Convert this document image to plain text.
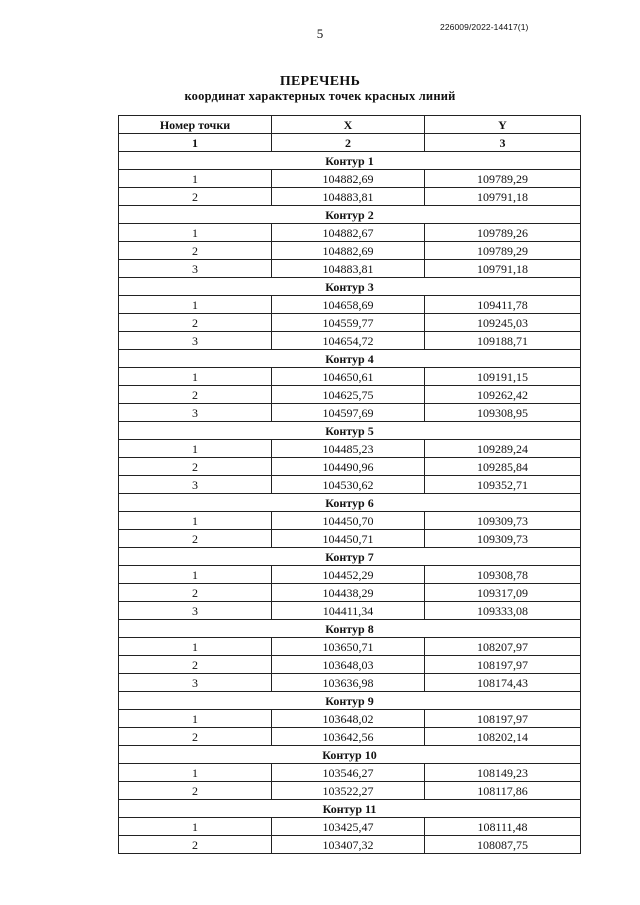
5	226009/2022-14417(1)
ПЕРЕЧЕНЬ
координат характерных точек красных линий
Номер точки	X	Y
1	2	3
Контур 1		
1	104882,69	109789,29
2	104883,81	109791,18
Контур 2		
1	104882,67	109789,26
2	104882,69	109789,29
3	104883,81	109791,18
Контур 3		
1	104658,69	109411,78
2	104559,77	109245,03
3	104654,72	109188,71
Контур 4		
1	104650,61	109191,15
2	104625,75	109262,42
3	104597,69	109308,95
Контур 5		
1	104485,23	109289,24
2	104490,96	109285,84
3	104530,62	109352,71
Контур 6		
1	104450,70	109309,73
2	104450,71	109309,73
Контур 7		
1	104452,29	109308,78
2	104438,29	109317,09
3	104411,34	109333,08
Контур 8		
1	103650,71	108207,97
2	103648,03	108197,97
3	103636,98	108174,43
Контур 9		
1	103648,02	108197,97
2	103642,56	108202,14
Контур 10		
1	103546,27	108149,23
2	103522,27	108117,86
Контур 11		
1	103425,47	108111,48
2	103407,32	108087,75
